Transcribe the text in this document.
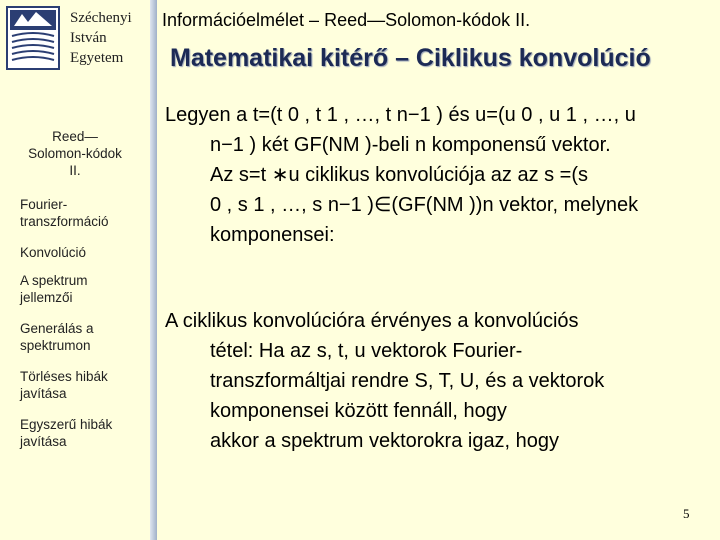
Széchenyi
István
Egyetem
Információelmélet – Reed―Solomon-kódok II.
Matematikai kitérő – Ciklikus konvolúció
Reed―
Solomon-kódok
II.
Fourier-
transzformáció
Konvolúció
A spektrum
jellemzői
Generálás a
spektrumon
Törléses hibák
javítása
Egyszerű hibák
javítása
Legyen a t=(t 0 , t 1 , …, t n−1 ) és u=(u 0 , u 1 , …, u
n−1 ) két GF(NM )-beli n komponensű vektor.
Az s=t ∗u ciklikus konvolúciója az az s =(s
0 , s 1 , …, s n−1 )∈(GF(NM ))n vektor, melynek
komponensei:
A ciklikus konvolúcióra érvényes a konvolúciós
tétel: Ha az s, t, u vektorok Fourier-
transzformáltjai rendre S, T, U, és a vektorok
komponensei között fennáll, hogy
akkor a spektrum vektorokra igaz, hogy
5
